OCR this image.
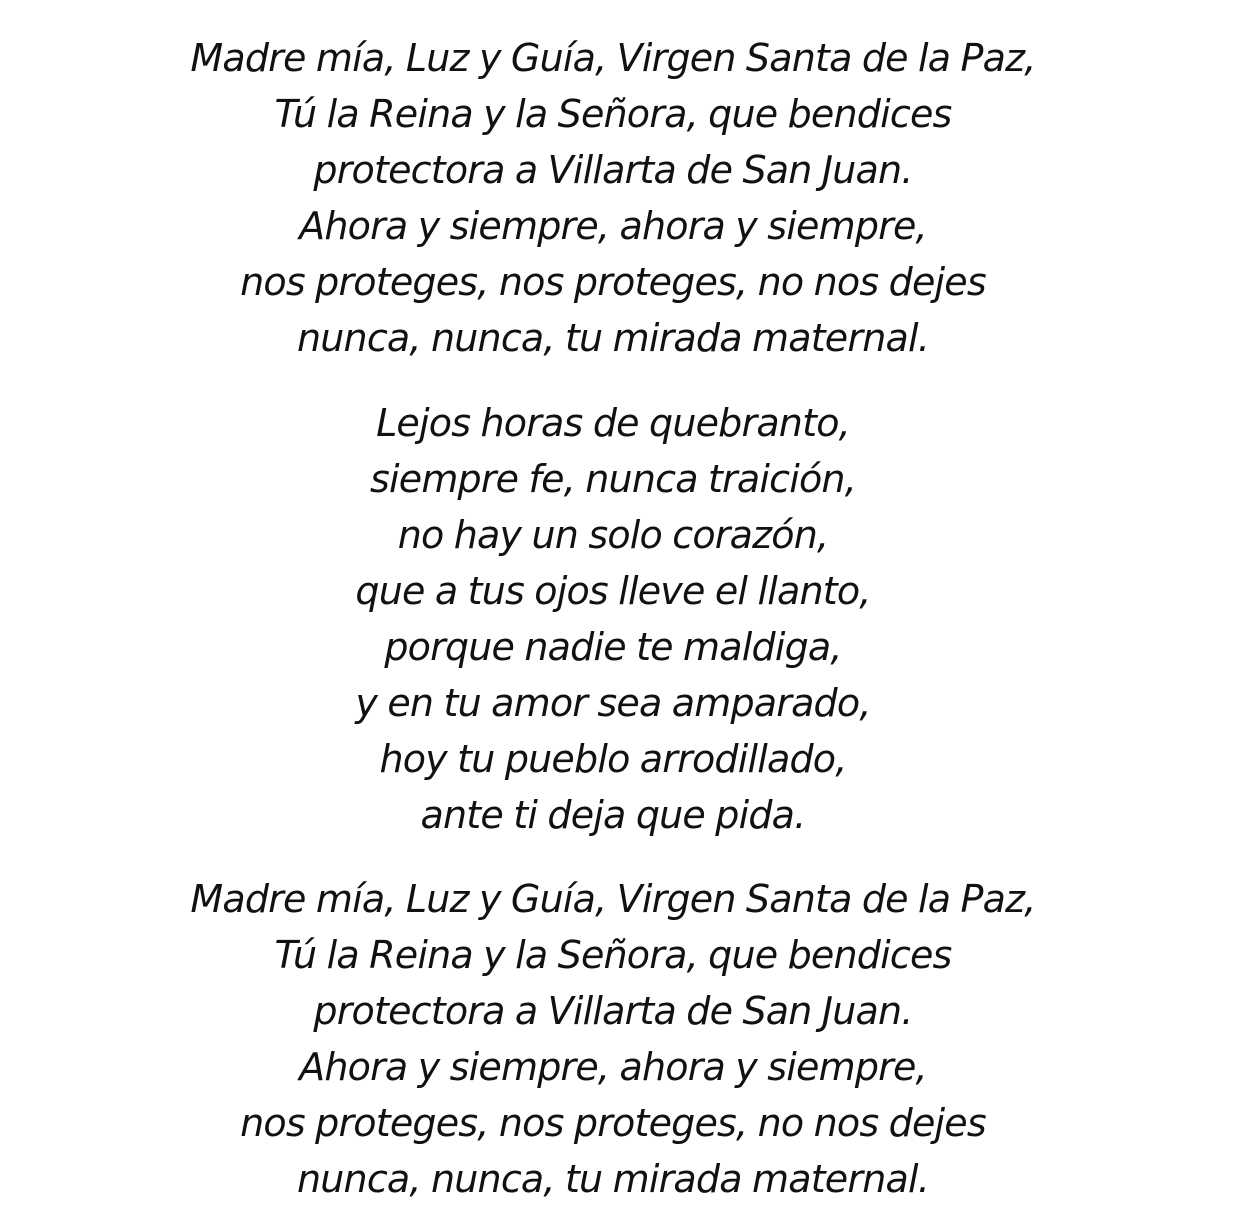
Madre mía, Luz y Guía, Virgen Santa de la Paz,
Tú la Reina y la Señora, que bendices
protectora a Villarta de San Juan.
Ahora y siempre, ahora y siempre,
nos proteges, nos proteges, no nos dejes
nunca, nunca, tu mirada maternal.
Lejos horas de quebranto,
siempre fe, nunca traición,
no hay un solo corazón,
que a tus ojos lleve el llanto,
porque nadie te maldiga,
y en tu amor sea amparado,
hoy tu pueblo arrodillado,
ante ti deja que pida.
Madre mía, Luz y Guía, Virgen Santa de la Paz,
Tú la Reina y la Señora, que bendices
protectora a Villarta de San Juan.
Ahora y siempre, ahora y siempre,
nos proteges, nos proteges, no nos dejes
nunca, nunca, tu mirada maternal.
